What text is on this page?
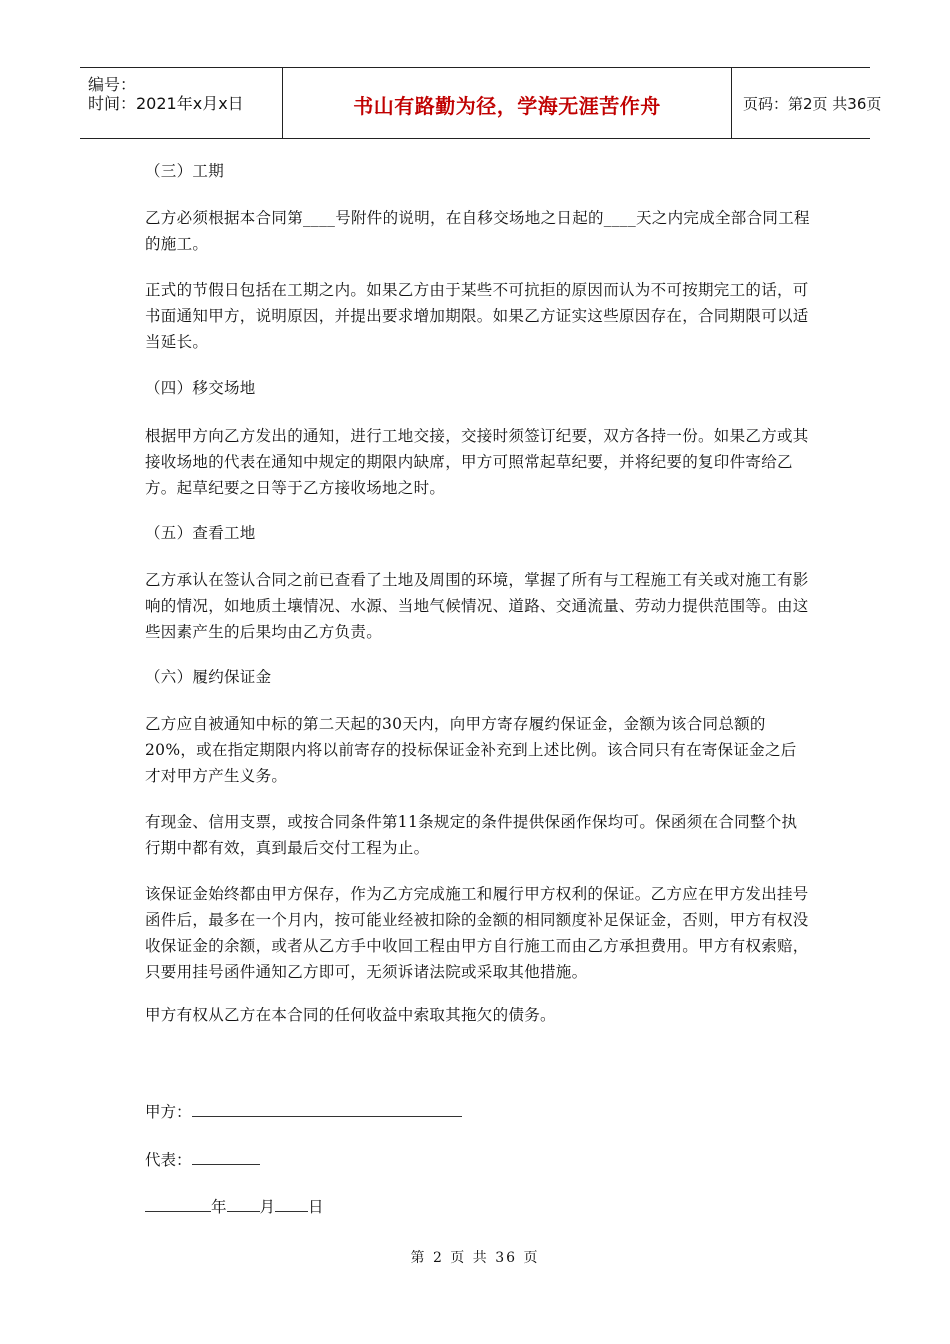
编号：
时间：2021年x月x日	书山有路勤为径，学海无涯苦作舟	页码：第2页 共36页
（三）工期
乙方必须根据本合同第____号附件的说明，在自移交场地之日起的____天之内完成全部合同工程的施工。
正式的节假日包括在工期之内。如果乙方由于某些不可抗拒的原因而认为不可按期完工的话，可书面通知甲方，说明原因，并提出要求增加期限。如果乙方证实这些原因存在，合同期限可以适当延长。
（四）移交场地
根据甲方向乙方发出的通知，进行工地交接，交接时须签订纪要，双方各持一份。如果乙方或其接收场地的代表在通知中规定的期限内缺席，甲方可照常起草纪要，并将纪要的复印件寄给乙方。起草纪要之日等于乙方接收场地之时。
（五）查看工地
乙方承认在签认合同之前已查看了土地及周围的环境，掌握了所有与工程施工有关或对施工有影响的情况，如地质土壤情况、水源、当地气候情况、道路、交通流量、劳动力提供范围等。由这些因素产生的后果均由乙方负责。
（六）履约保证金
乙方应自被通知中标的第二天起的30天内，向甲方寄存履约保证金，金额为该合同总额的20%，或在指定期限内将以前寄存的投标保证金补充到上述比例。该合同只有在寄保证金之后才对甲方产生义务。
有现金、信用支票，或按合同条件第11条规定的条件提供保函作保均可。保函须在合同整个执行期中都有效，真到最后交付工程为止。
该保证金始终都由甲方保存，作为乙方完成施工和履行甲方权利的保证。乙方应在甲方发出挂号函件后，最多在一个月内，按可能业经被扣除的金额的相同额度补足保证金，否则，甲方有权没收保证金的余额，或者从乙方手中收回工程由甲方自行施工而由乙方承担费用。甲方有权索赔，只要用挂号函件通知乙方即可，无须诉诸法院或采取其他措施。
甲方有权从乙方在本合同的任何收益中索取其拖欠的债务。
甲方：
代表：
年 月 日
第 2 页 共 36 页
